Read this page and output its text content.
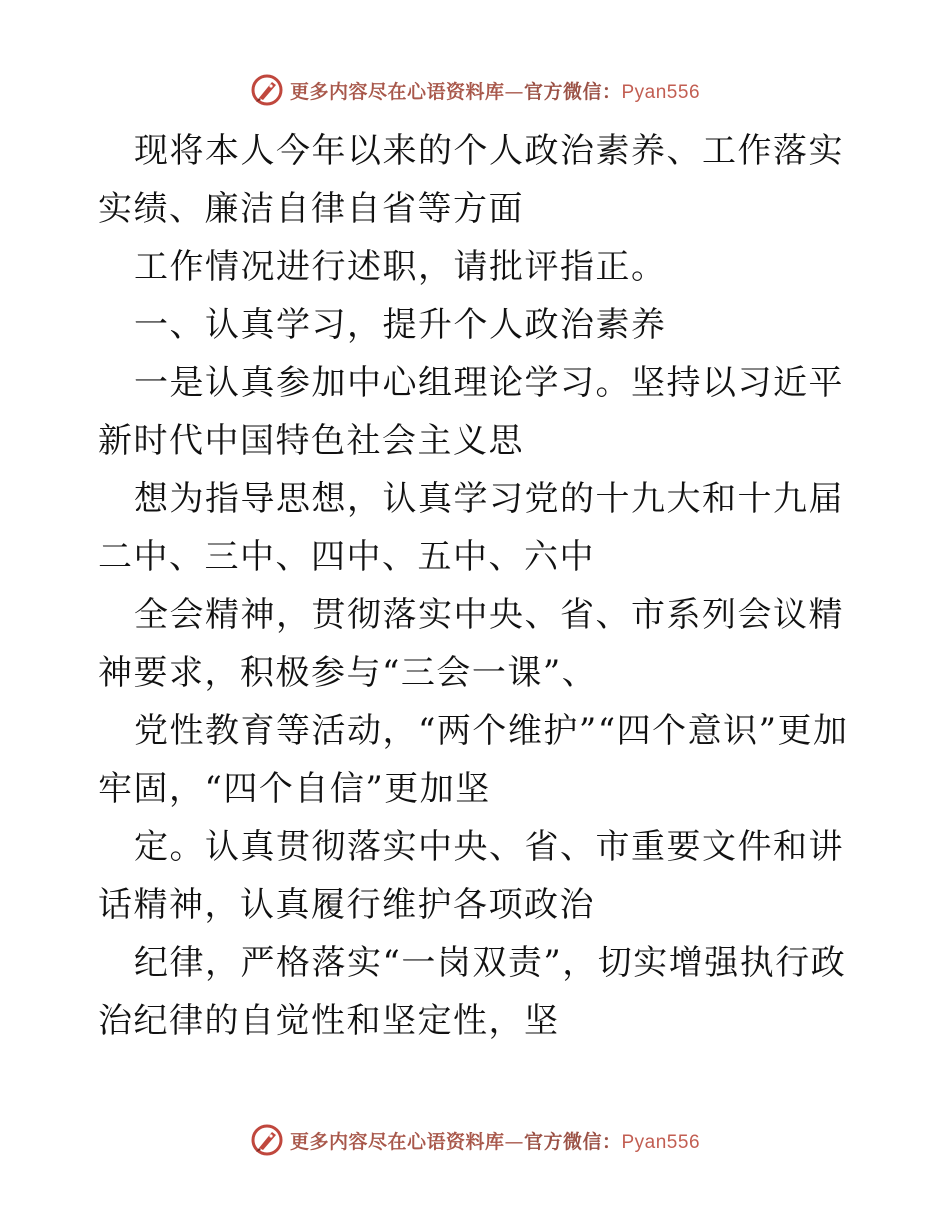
更多内容尽在心语资料库—官方微信：Pyan556

现将本人今年以来的个人政治素养、工作落实实绩、廉洁自律自省等方面

工作情况进行述职，请批评指正。

一、认真学习，提升个人政治素养

一是认真参加中心组理论学习。坚持以习近平新时代中国特色社会主义思

想为指导思想，认真学习党的十九大和十九届二中、三中、四中、五中、六中

全会精神，贯彻落实中央、省、市系列会议精神要求，积极参与“三会一课”、

党性教育等活动，“两个维护”“四个意识”更加牢固，“四个自信”更加坚

定。认真贯彻落实中央、省、市重要文件和讲话精神，认真履行维护各项政治

纪律，严格落实“一岗双责”，切实增强执行政治纪律的自觉性和坚定性，坚

更多内容尽在心语资料库—官方微信：Pyan556
